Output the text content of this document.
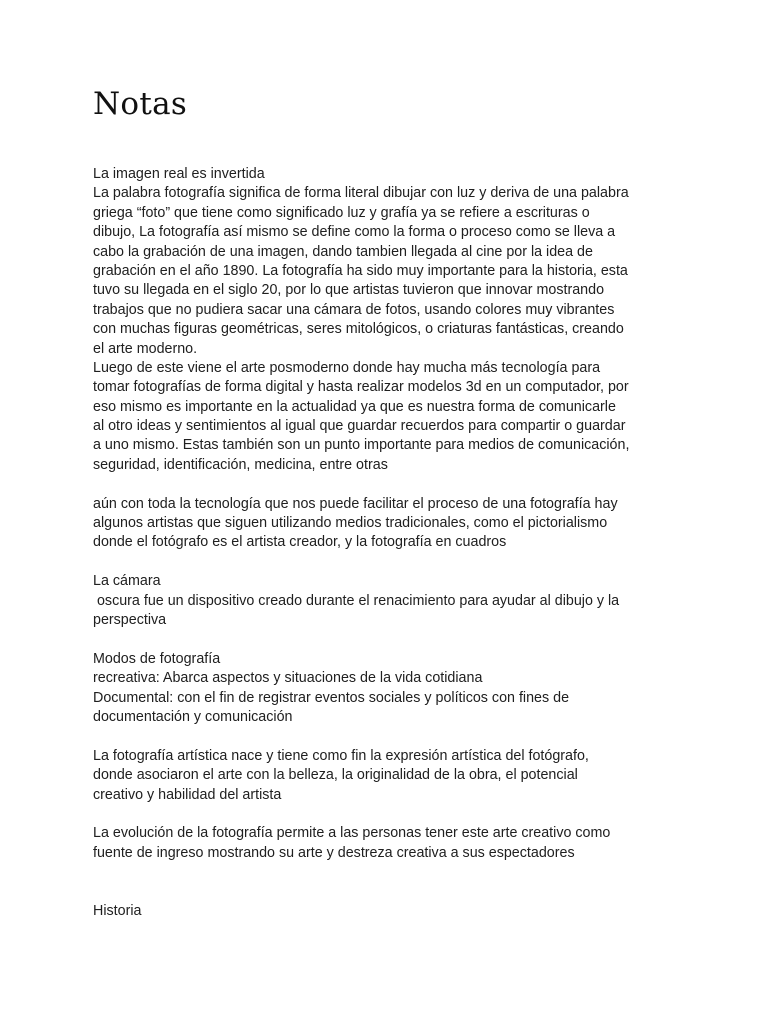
Notas
La imagen real es invertida
La palabra fotografía significa de forma literal dibujar con luz y deriva de una palabra
griega “foto” que tiene como significado luz y grafía ya se refiere a escrituras o
dibujo, La fotografía así mismo se define como la forma o proceso como se lleva a
cabo la grabación de una imagen, dando tambien llegada al cine por la idea de
grabación en el año 1890. La fotografía ha sido muy importante para la historia, esta
tuvo su llegada en el siglo 20, por lo que artistas tuvieron que innovar mostrando
trabajos que no pudiera sacar una cámara de fotos, usando colores muy vibrantes
con muchas figuras geométricas, seres mitológicos, o criaturas fantásticas, creando
el arte moderno.
Luego de este viene el arte posmoderno donde hay mucha más tecnología para
tomar fotografías de forma digital y hasta realizar modelos 3d en un computador, por
eso mismo es importante en la actualidad ya que es nuestra forma de comunicarle
al otro ideas y sentimientos al igual que guardar recuerdos para compartir o guardar
a uno mismo. Estas también son un punto importante para medios de comunicación,
seguridad, identificación, medicina, entre otras
aún con toda la tecnología que nos puede facilitar el proceso de una fotografía hay
algunos artistas que siguen utilizando medios tradicionales, como el pictorialismo
donde el fotógrafo es el artista creador, y la fotografía en cuadros
La cámara
oscura fue un dispositivo creado durante el renacimiento para ayudar al dibujo y la
perspectiva
Modos de fotografía
recreativa: Abarca aspectos y situaciones de la vida cotidiana
Documental: con el fin de registrar eventos sociales y políticos con fines de
documentación y comunicación
La fotografía artística nace y tiene como fin la expresión artística del fotógrafo,
donde asociaron el arte con la belleza, la originalidad de la obra, el potencial
creativo y habilidad del artista
La evolución de la fotografía permite a las personas tener este arte creativo como
fuente de ingreso mostrando su arte y destreza creativa a sus espectadores
Historia
